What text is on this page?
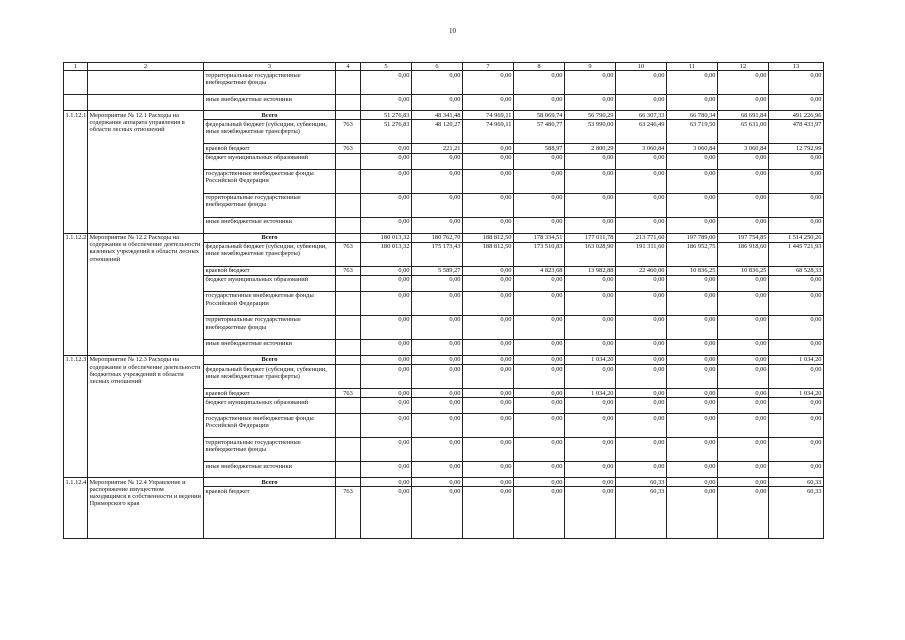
10
1	2	3	4	5	6	7	8	9	10	11	12	13
		территориальные государственные внебюджетные фонды		0,00	0,00	0,00	0,00	0,00	0,00	0,00	0,00	0,00
		иные внебюджетные источники		0,00	0,00	0,00	0,00	0,00	0,00	0,00	0,00	0,00
1.1.12.1	Мероприятие № 12.1 Расходы на содержание аппарата управления в области лесных отношений	Всего		51 276,83	48 341,48	74 969,11	58 069,74	56 790,29	66 307,33	66 780,34	68 691,84	491 226,96
		федеральный бюджет (субсидии, субвенции, иные межбюджетные трансферты)	763	51 276,83	48 120,27	74 969,11	57 480,77	53 990,00	63 246,49	63 719,50	65 631,00	478 433,97
		краевой бюджет	763	0,00	221,21	0,00	588,97	2 800,29	3 060,84	3 060,84	3 060,84	12 792,99
		бюджет муниципальных образований		0,00	0,00	0,00	0,00	0,00	0,00	0,00	0,00	0,00
		государственные внебюджетные фонды Российской Федерации		0,00	0,00	0,00	0,00	0,00	0,00	0,00	0,00	0,00
		территориальные государственные внебюджетные фонды		0,00	0,00	0,00	0,00	0,00	0,00	0,00	0,00	0,00
		иные внебюджетные источники		0,00	0,00	0,00	0,00	0,00	0,00	0,00	0,00	0,00
1.1.12.2	Мероприятие № 12.2 Расходы на содержание и обеспечение деятельности казенных учреждений в области лесных отношений	Всего		180 013,32	180 762,70	188 812,50	178 334,51	177 011,78	213 771,60	197 789,00	197 754,85	1 514 250,26
		федеральный бюджет (субсидии, субвенции, иные межбюджетные трансферты)	763	180 013,32	175 173,43	188 812,50	173 510,83	163 028,90	191 311,60	186 952,75	186 918,60	1 445 721,93
		краевой бюджет	763	0,00	5 589,27	0,00	4 823,68	13 982,88	22 460,00	10 836,25	10 836,25	68 528,33
		бюджет муниципальных образований		0,00	0,00	0,00	0,00	0,00	0,00	0,00	0,00	0,00
		государственные внебюджетные фонды Российской Федерации		0,00	0,00	0,00	0,00	0,00	0,00	0,00	0,00	0,00
		территориальные государственные внебюджетные фонды		0,00	0,00	0,00	0,00	0,00	0,00	0,00	0,00	0,00
		иные внебюджетные источники		0,00	0,00	0,00	0,00	0,00	0,00	0,00	0,00	0,00
1.1.12.3	Мероприятие № 12.3 Расходы на содержание и обеспечение деятельности бюджетных учреждений в области лесных отношений	Всего		0,00	0,00	0,00	0,00	1 034,20	0,00	0,00	0,00	1 034,20
		федеральный бюджет (субсидии, субвенции, иные межбюджетные трансферты)		0,00	0,00	0,00	0,00	0,00	0,00	0,00	0,00	0,00
		краевой бюджет	763	0,00	0,00	0,00	0,00	1 034,20	0,00	0,00	0,00	1 034,20
		бюджет муниципальных образований		0,00	0,00	0,00	0,00	0,00	0,00	0,00	0,00	0,00
		государственные внебюджетные фонды Российской Федерации		0,00	0,00	0,00	0,00	0,00	0,00	0,00	0,00	0,00
		территориальные государственные внебюджетные фонды		0,00	0,00	0,00	0,00	0,00	0,00	0,00	0,00	0,00
		иные внебюджетные источники		0,00	0,00	0,00	0,00	0,00	0,00	0,00	0,00	0,00
1.1.12.4	Мероприятие № 12.4 Управление и распоряжение имуществом находящимся в собственности и ведении Приморского края	Всего		0,00	0,00	0,00	0,00	0,00	60,33	0,00	0,00	60,33
		краевой бюджет	763	0,00	0,00	0,00	0,00	0,00	60,33	0,00	0,00	60,33
